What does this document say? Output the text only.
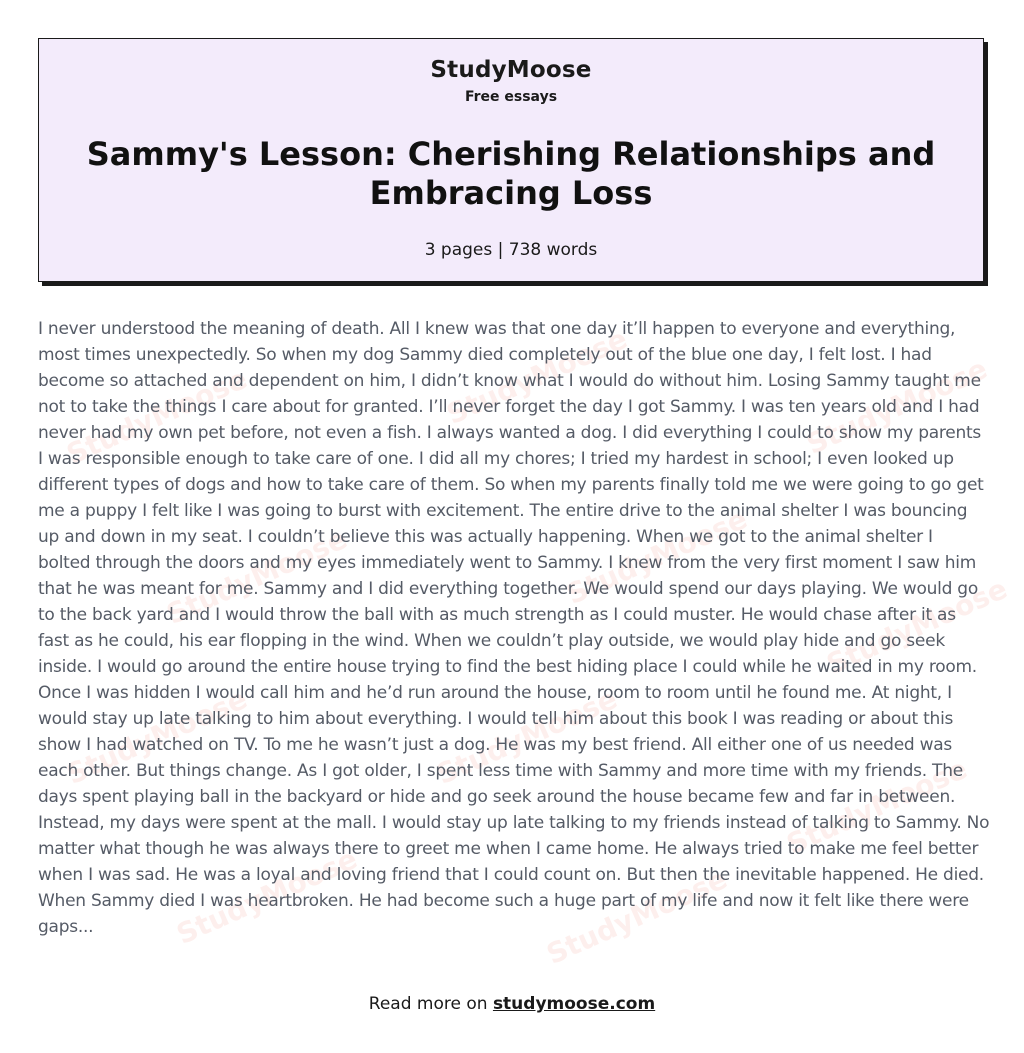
StudyMoose
Free essays
Sammy's Lesson: Cherishing Relationships and Embracing Loss
3 pages | 738 words
StudyMoose	StudyMoose	StudyMoose
StudyMoose	StudyMoose
StudyMoose
StudyMoose	StudyMoose
StudyMoose
StudyMoose	StudyMoose

I never understood the meaning of death. All I knew was that one day it’ll happen to everyone and everything, most times unexpectedly. So when my dog Sammy died completely out of the blue one day, I felt lost. I had become so attached and dependent on him, I didn’t know what I would do without him. Losing Sammy taught me not to take the things I care about for granted. I’ll never forget the day I got Sammy. I was ten years old and I had never had my own pet before, not even a fish. I always wanted a dog. I did everything I could to show my parents I was responsible enough to take care of one. I did all my chores; I tried my hardest in school; I even looked up different types of dogs and how to take care of them. So when my parents finally told me we were going to go get me a puppy I felt like I was going to burst with excitement. The entire drive to the animal shelter I was bouncing up and down in my seat. I couldn’t believe this was actually happening. When we got to the animal shelter I bolted through the doors and my eyes immediately went to Sammy. I knew from the very first moment I saw him that he was meant for me. Sammy and I did everything together. We would spend our days playing. We would go to the back yard and I would throw the ball with as much strength as I could muster. He would chase after it as fast as he could, his ear flopping in the wind. When we couldn’t play outside, we would play hide and go seek inside. I would go around the entire house trying to find the best hiding place I could while he waited in my room. Once I was hidden I would call him and he’d run around the house, room to room until he found me. At night, I would stay up late talking to him about everything. I would tell him about this book I was reading or about this show I had watched on TV. To me he wasn’t just a dog. He was my best friend. All either one of us needed was each other. But things change. As I got older, I spent less time with Sammy and more time with my friends. The days spent playing ball in the backyard or hide and go seek around the house became few and far in between. Instead, my days were spent at the mall. I would stay up late talking to my friends instead of talking to Sammy. No matter what though he was always there to greet me when I came home. He always tried to make me feel better when I was sad. He was a loyal and loving friend that I could count on. But then the inevitable happened. He died. When Sammy died I was heartbroken. He had become such a huge part of my life and now it felt like there were gaps...

Read more on studymoose.com
